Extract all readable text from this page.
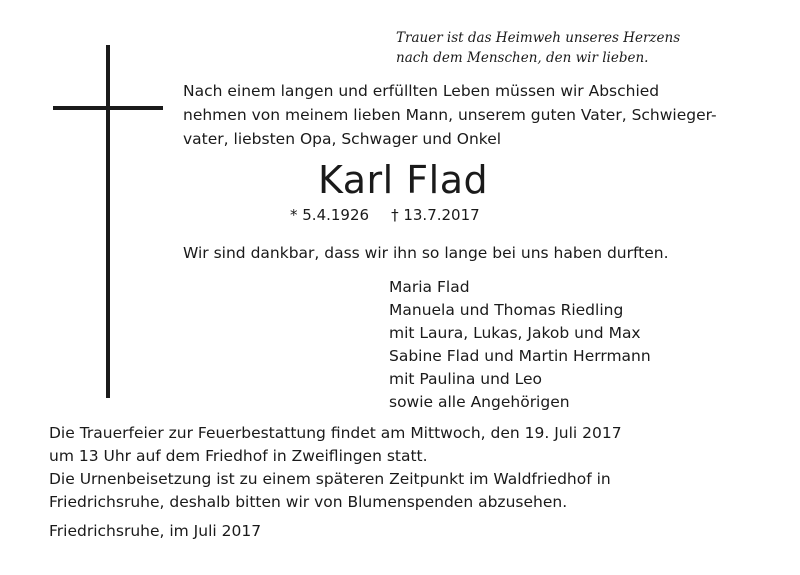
Trauer ist das Heimweh unseres Herzens
nach dem Menschen, den wir lieben.
Nach einem langen und erfüllten Leben müssen wir Abschied
nehmen von meinem lieben Mann, unserem guten Vater, Schwieger-
vater, liebsten Opa, Schwager und Onkel
Karl Flad
* 5.4.1926 † 13.7.2017
Wir sind dankbar, dass wir ihn so lange bei uns haben durften.
Maria Flad
Manuela und Thomas Riedling
mit Laura, Lukas, Jakob und Max
Sabine Flad und Martin Herrmann
mit Paulina und Leo
sowie alle Angehörigen
Die Trauerfeier zur Feuerbestattung findet am Mittwoch, den 19. Juli 2017
um 13 Uhr auf dem Friedhof in Zweiflingen statt.
Die Urnenbeisetzung ist zu einem späteren Zeitpunkt im Waldfriedhof in
Friedrichsruhe, deshalb bitten wir von Blumenspenden abzusehen.
Friedrichsruhe, im Juli 2017
